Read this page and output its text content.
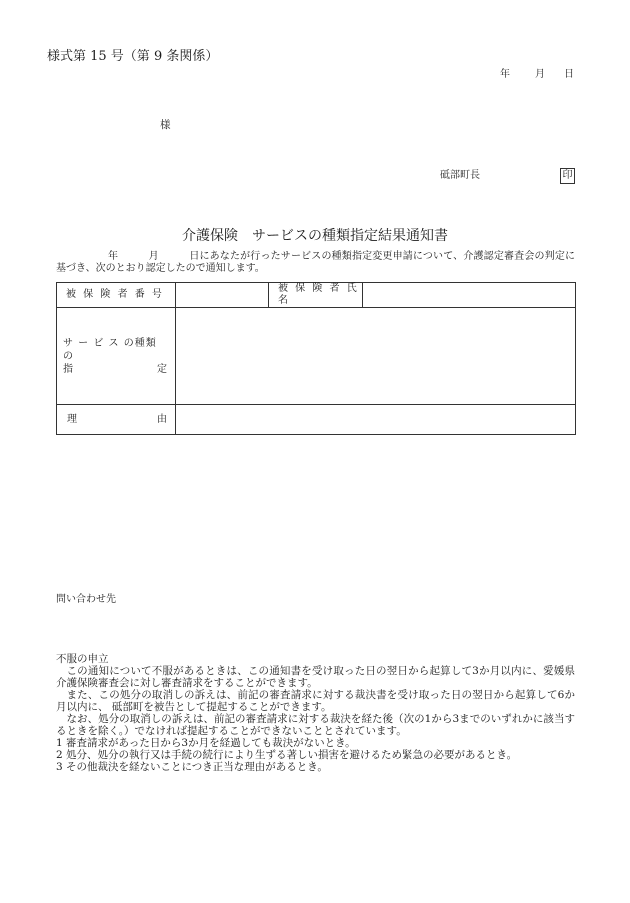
様式第 15 号（第 9 条関係）
年	月 日
様
砥部町長	印
介護保険　サービスの種類指定結果通知書
年　　　月　　　日にあなたが行ったサービスの種類指定変更申請について、介護認定審査会の判定に基づき、次のとおり認定したので通知します。
被 保 険 者 番 号		被 保 険 者 氏 名	

サ ー ビ ス の種類の
指 定			

理 由			

問い合わせ先

不服の申立

この通知について不服があるときは、この通知書を受け取った日の翌日から起算して3か月以内に、愛媛県介護保険審査会に対し審査請求をすることができます。

また、この処分の取消しの訴えは、前記の審査請求に対する裁決書を受け取った日の翌日から起算して6か月以内に、 砥部町を被告として提起することができます。

なお、処分の取消しの訴えは、前記の審査請求に対する裁決を経た後（次の1から3までのいずれかに該当するときを除く。）でなければ提起することができないこととされています。

1 審査請求があった日から3か月を経過しても裁決がないとき。

2 処分、処分の執行又は手続の続行により生ずる著しい損害を避けるため緊急の必要があるとき。

3 その他裁決を経ないことにつき正当な理由があるとき。
